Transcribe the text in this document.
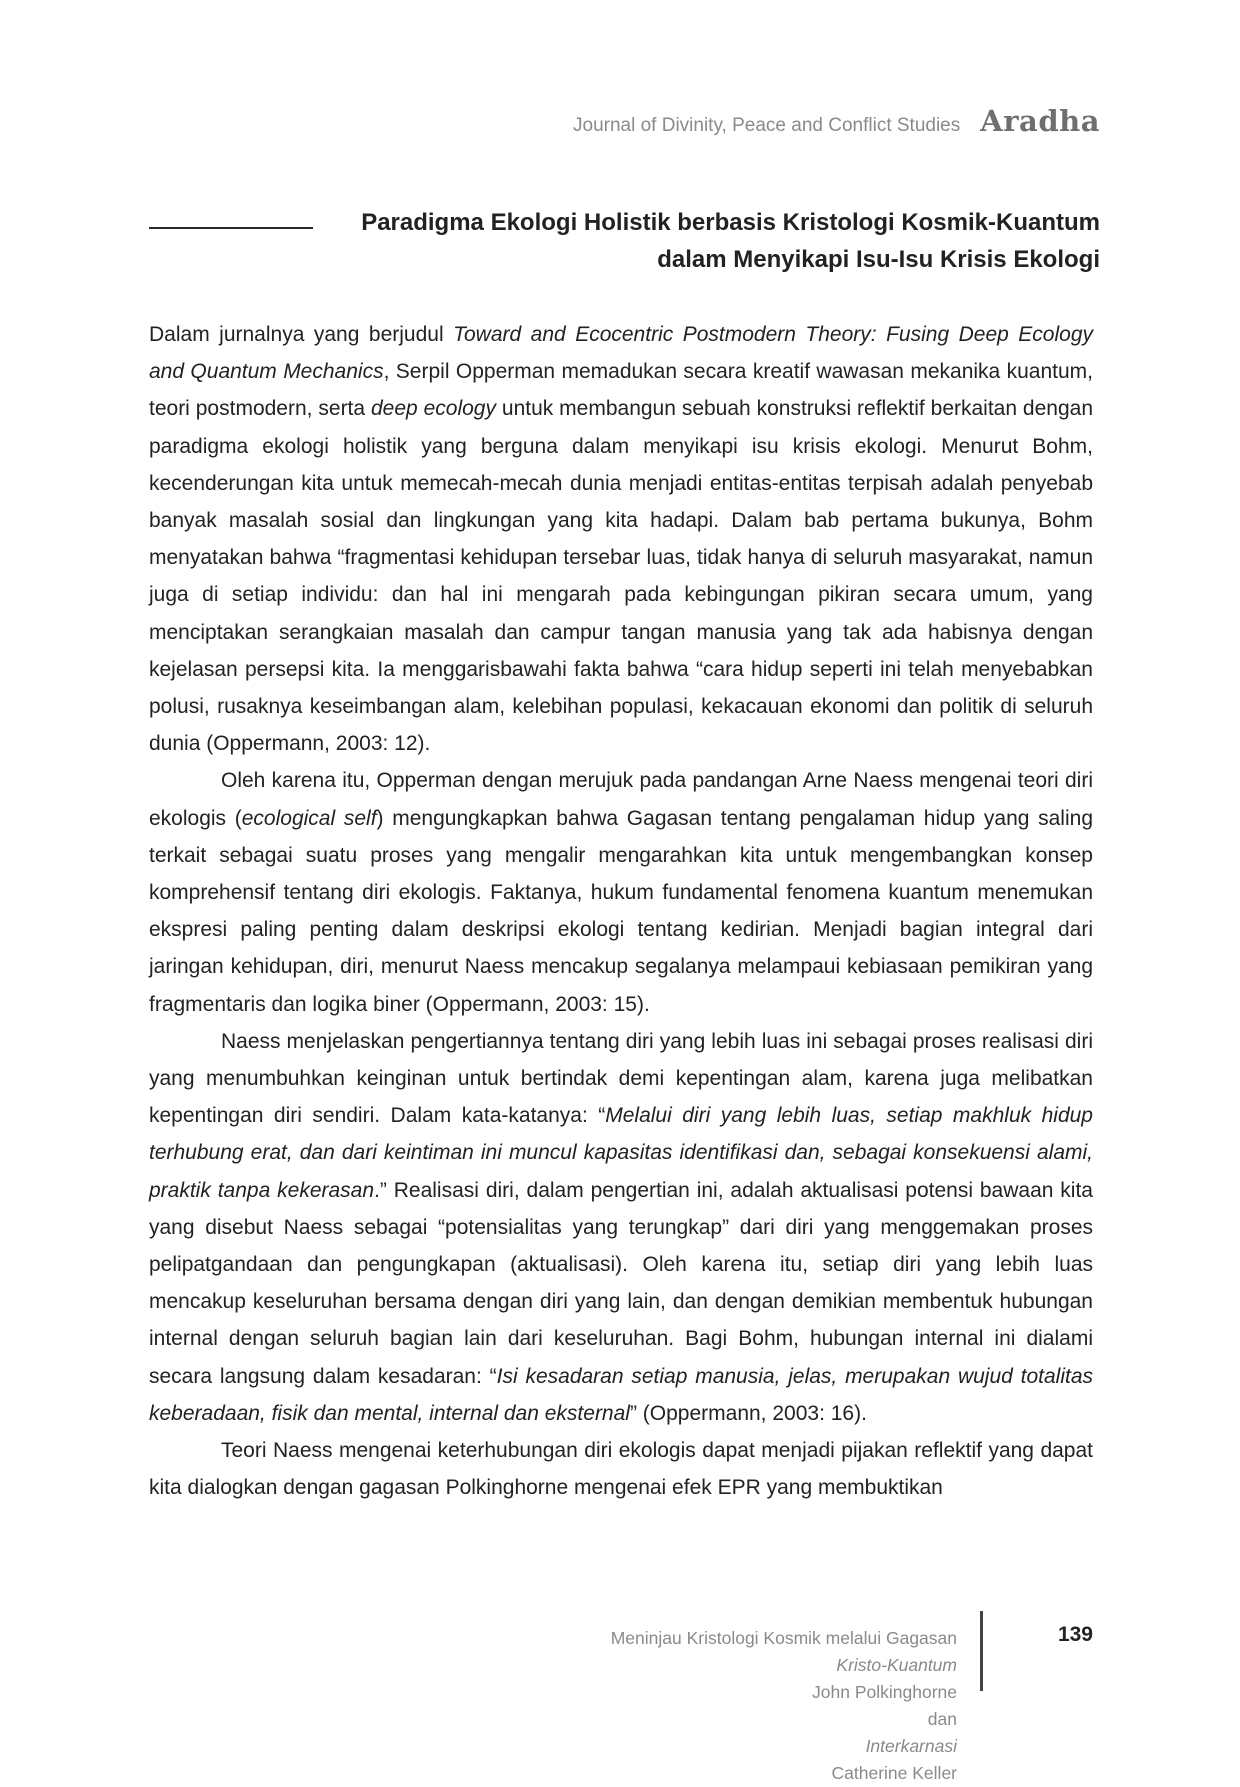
Journal of Divinity, Peace and Conflict Studies Aradha
Paradigma Ekologi Holistik berbasis Kristologi Kosmik-Kuantum
dalam Menyikapi Isu-Isu Krisis Ekologi

Dalam jurnalnya yang berjudul Toward and Ecocentric Postmodern Theory: Fusing Deep Ecology and Quantum Mechanics, Serpil Opperman memadukan secara kreatif wawasan mekanika kuantum, teori postmodern, serta deep ecology untuk membangun sebuah konstruksi reflektif berkaitan dengan paradigma ekologi holistik yang berguna dalam menyikapi isu krisis ekologi. Menurut Bohm, kecenderungan kita untuk memecah-mecah dunia menjadi entitas-entitas terpisah adalah penyebab banyak masalah sosial dan lingkungan yang kita hadapi. Dalam bab pertama bukunya, Bohm menyatakan bahwa “fragmentasi kehidupan tersebar luas, tidak hanya di seluruh masyarakat, namun juga di setiap individu: dan hal ini mengarah pada kebingungan pikiran secara umum, yang menciptakan serangkaian masalah dan campur tangan manusia yang tak ada habisnya dengan kejelasan persepsi kita. Ia menggarisbawahi fakta bahwa “cara hidup seperti ini telah menyebabkan polusi, rusaknya keseimbangan alam, kelebihan populasi, kekacauan ekonomi dan politik di seluruh dunia (Oppermann, 2003: 12).

Oleh karena itu, Opperman dengan merujuk pada pandangan Arne Naess mengenai teori diri ekologis (ecological self) mengungkapkan bahwa Gagasan tentang pengalaman hidup yang saling terkait sebagai suatu proses yang mengalir mengarahkan kita untuk mengembangkan konsep komprehensif tentang diri ekologis. Faktanya, hukum fundamental fenomena kuantum menemukan ekspresi paling penting dalam deskripsi ekologi tentang kedirian. Menjadi bagian integral dari jaringan kehidupan, diri, menurut Naess mencakup segalanya melampaui kebiasaan pemikiran yang fragmentaris dan logika biner (Oppermann, 2003: 15).

Naess menjelaskan pengertiannya tentang diri yang lebih luas ini sebagai proses realisasi diri yang menumbuhkan keinginan untuk bertindak demi kepentingan alam, karena juga melibatkan kepentingan diri sendiri. Dalam kata-katanya: “Melalui diri yang lebih luas, setiap makhluk hidup terhubung erat, dan dari keintiman ini muncul kapasitas identifikasi dan, sebagai konsekuensi alami, praktik tanpa kekerasan.” Realisasi diri, dalam pengertian ini, adalah aktualisasi potensi bawaan kita yang disebut Naess sebagai “potensialitas yang terungkap” dari diri yang menggemakan proses pelipatgandaan dan pengungkapan (aktualisasi). Oleh karena itu, setiap diri yang lebih luas mencakup keseluruhan bersama dengan diri yang lain, dan dengan demikian membentuk hubungan internal dengan seluruh bagian lain dari keseluruhan. Bagi Bohm, hubungan internal ini dialami secara langsung dalam kesadaran: “Isi kesadaran setiap manusia, jelas, merupakan wujud totalitas keberadaan, fisik dan mental, internal dan eksternal” (Oppermann, 2003: 16).

Teori Naess mengenai keterhubungan diri ekologis dapat menjadi pijakan reflektif yang dapat kita dialogkan dengan gagasan Polkinghorne mengenai efek EPR yang membuktikan

Meninjau Kristologi Kosmik melalui Gagasan
Kristo-Kuantum
John Polkinghorne
dan
Interkarnasi
Catherine Keller
139
